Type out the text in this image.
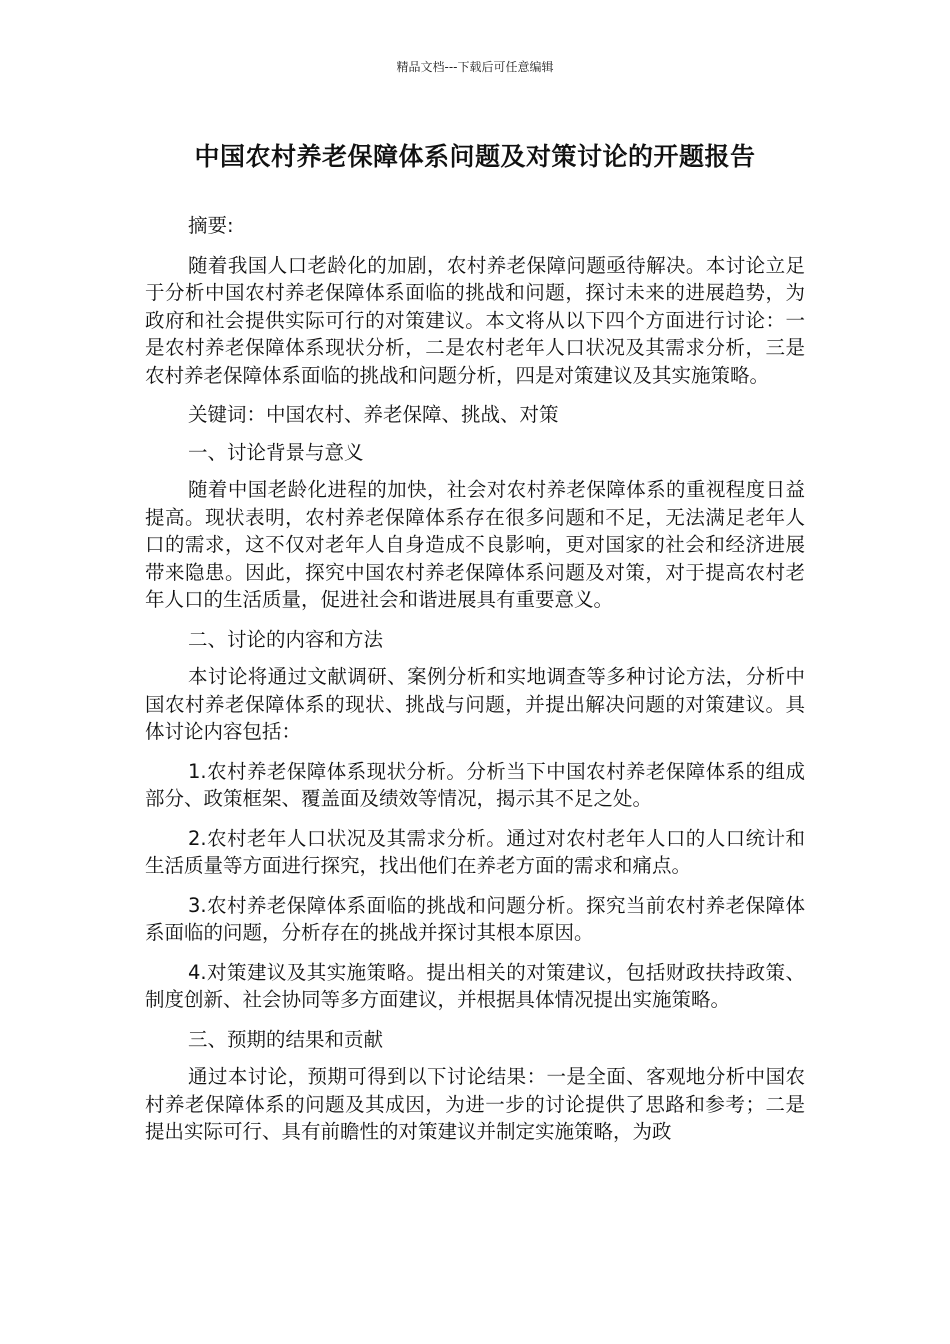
精品文档---下载后可任意编辑
中国农村养老保障体系问题及对策讨论的开题报告

摘要:

随着我国人口老龄化的加剧，农村养老保障问题亟待解决。本讨论立足于分析中国农村养老保障体系面临的挑战和问题，探讨未来的进展趋势，为政府和社会提供实际可行的对策建议。本文将从以下四个方面进行讨论：一是农村养老保障体系现状分析，二是农村老年人口状况及其需求分析，三是农村养老保障体系面临的挑战和问题分析，四是对策建议及其实施策略。

关键词：中国农村、养老保障、挑战、对策

一、讨论背景与意义

随着中国老龄化进程的加快，社会对农村养老保障体系的重视程度日益提高。现状表明，农村养老保障体系存在很多问题和不足，无法满足老年人口的需求，这不仅对老年人自身造成不良影响，更对国家的社会和经济进展带来隐患。因此，探究中国农村养老保障体系问题及对策，对于提高农村老年人口的生活质量，促进社会和谐进展具有重要意义。

二、讨论的内容和方法

本讨论将通过文献调研、案例分析和实地调查等多种讨论方法，分析中国农村养老保障体系的现状、挑战与问题，并提出解决问题的对策建议。具体讨论内容包括：

1.农村养老保障体系现状分析。分析当下中国农村养老保障体系的组成部分、政策框架、覆盖面及绩效等情况，揭示其不足之处。

2.农村老年人口状况及其需求分析。通过对农村老年人口的人口统计和生活质量等方面进行探究，找出他们在养老方面的需求和痛点。

3.农村养老保障体系面临的挑战和问题分析。探究当前农村养老保障体系面临的问题，分析存在的挑战并探讨其根本原因。

4.对策建议及其实施策略。提出相关的对策建议，包括财政扶持政策、制度创新、社会协同等多方面建议，并根据具体情况提出实施策略。

三、预期的结果和贡献

通过本讨论，预期可得到以下讨论结果：一是全面、客观地分析中国农村养老保障体系的问题及其成因，为进一步的讨论提供了思路和参考；二是提出实际可行、具有前瞻性的对策建议并制定实施策略，为政
